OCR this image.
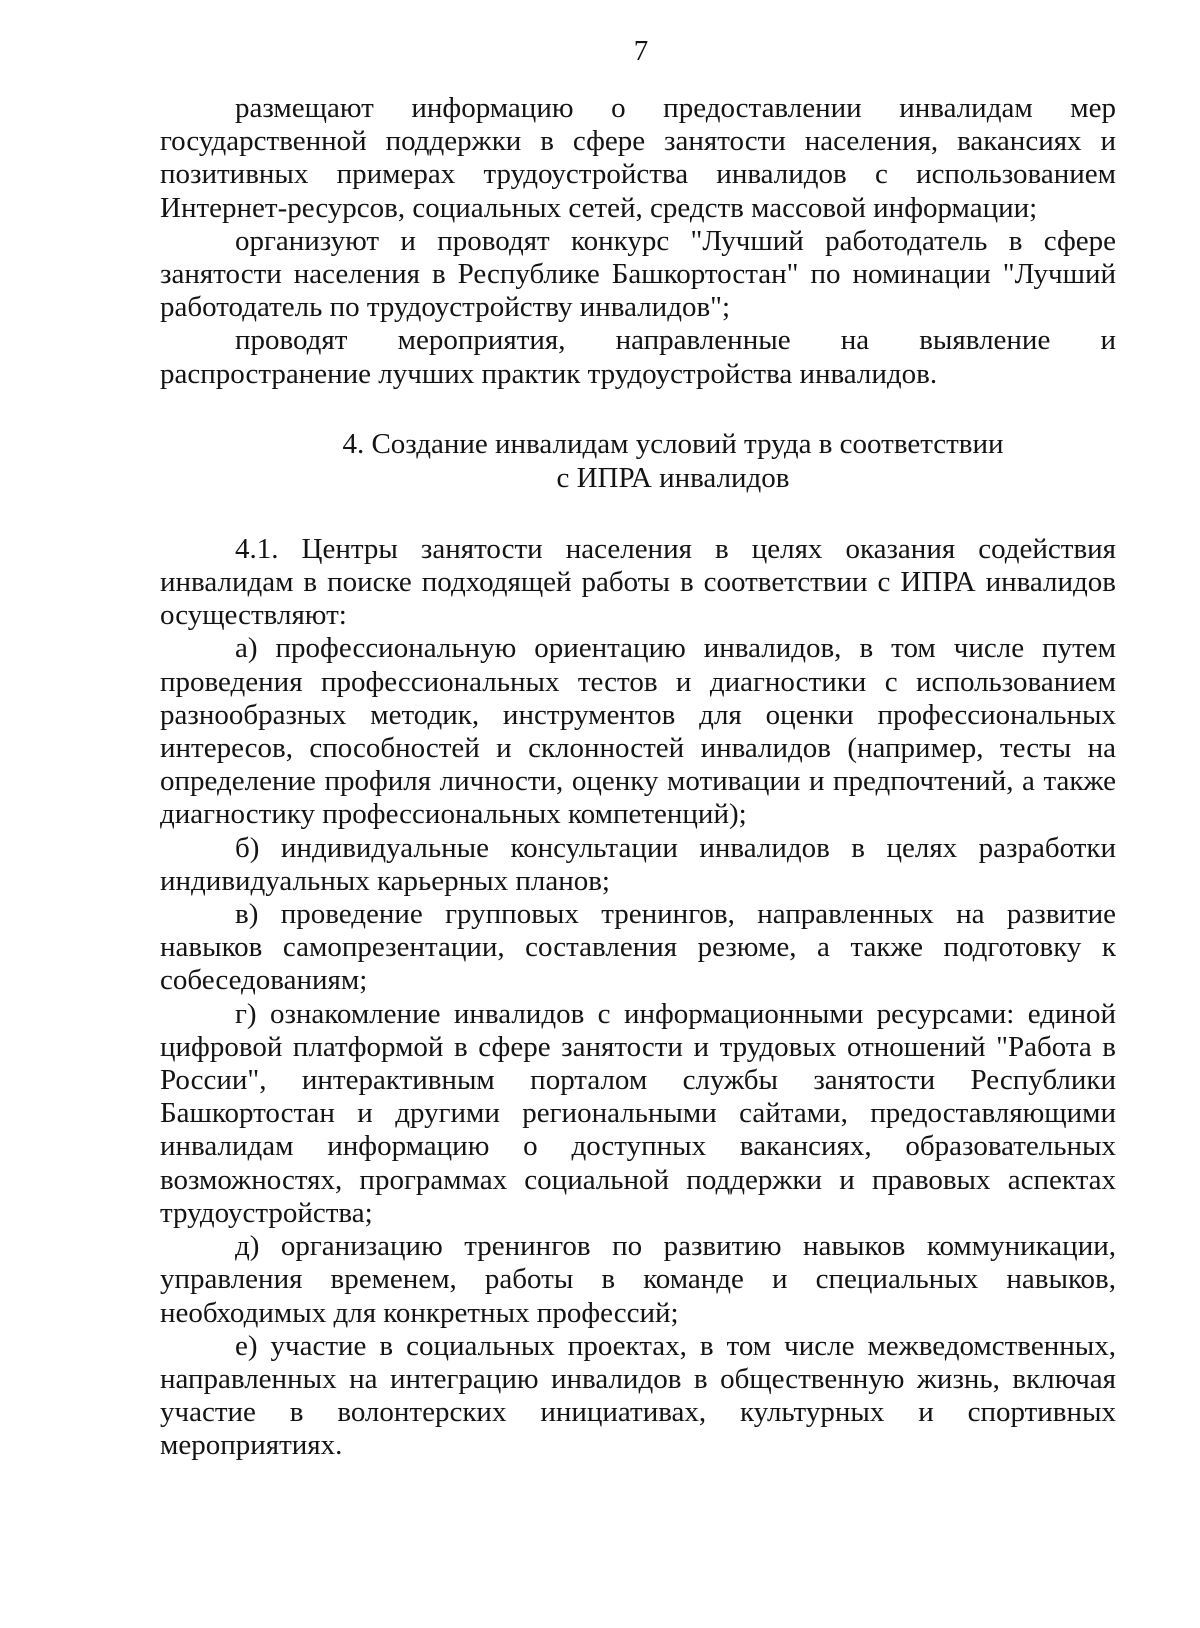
7

размещают информацию о предоставлении инвалидам мер государственной поддержки в сфере занятости населения, вакансиях и позитивных примерах трудоустройства инвалидов с использованием Интернет-ресурсов, социальных сетей, средств массовой информации;

организуют и проводят конкурс "Лучший работодатель в сфере занятости населения в Республике Башкортостан" по номинации "Лучший работодатель по трудоустройству инвалидов";

проводят мероприятия, направленные на выявление и распространение лучших практик трудоустройства инвалидов.

4. Создание инвалидам условий труда в соответствии
с ИПРА инвалидов

4.1. Центры занятости населения в целях оказания содействия инвалидам в поиске подходящей работы в соответствии с ИПРА инвалидов осуществляют:

а) профессиональную ориентацию инвалидов, в том числе путем проведения профессиональных тестов и диагностики с использованием разнообразных методик, инструментов для оценки профессиональных интересов, способностей и склонностей инвалидов (например, тесты на определение профиля личности, оценку мотивации и предпочтений, а также диагностику профессиональных компетенций);

б) индивидуальные консультации инвалидов в целях разработки индивидуальных карьерных планов;

в) проведение групповых тренингов, направленных на развитие навыков самопрезентации, составления резюме, а также подготовку к собеседованиям;

г) ознакомление инвалидов с информационными ресурсами: единой цифровой платформой в сфере занятости и трудовых отношений "Работа в России", интерактивным порталом службы занятости Республики Башкортостан и другими региональными сайтами, предоставляющими инвалидам информацию о доступных вакансиях, образовательных возможностях, программах социальной поддержки и правовых аспектах трудоустройства;

д) организацию тренингов по развитию навыков коммуникации, управления временем, работы в команде и специальных навыков, необходимых для конкретных профессий;

е) участие в социальных проектах, в том числе межведомственных, направленных на интеграцию инвалидов в общественную жизнь, включая участие в волонтерских инициативах, культурных и спортивных мероприятиях.
